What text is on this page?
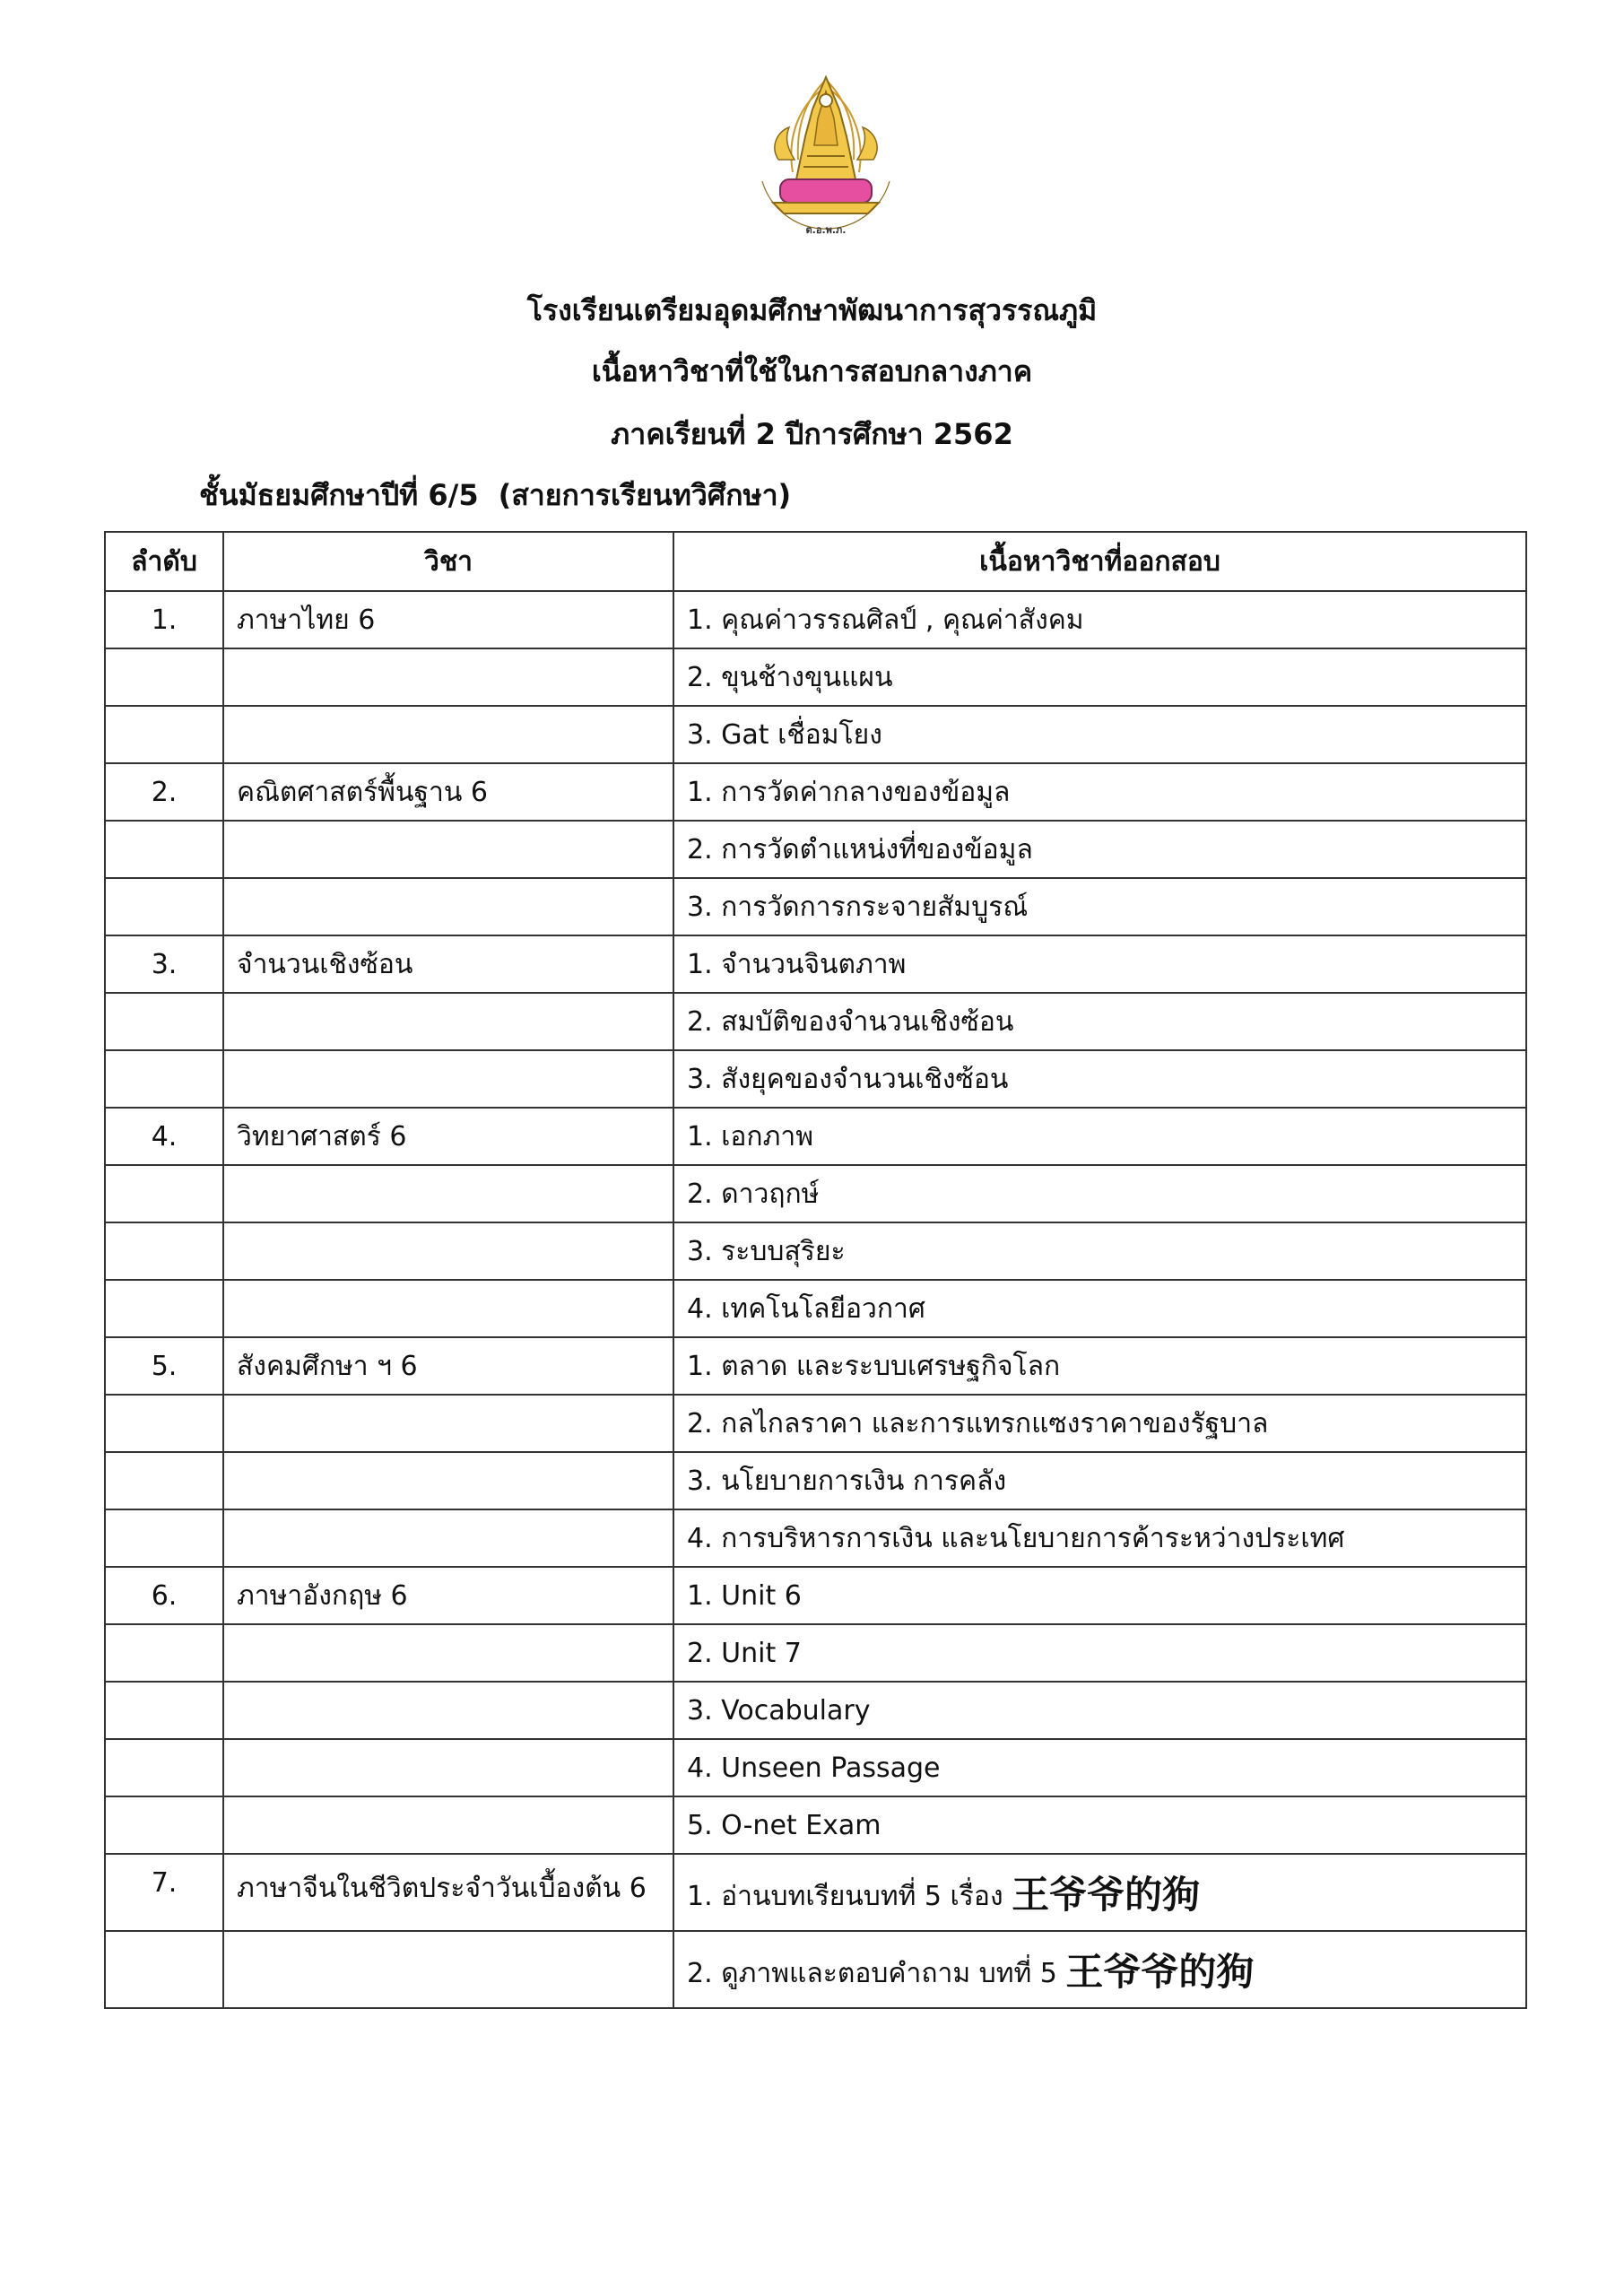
ต.อ.พ.ภ.
โรงเรียนเตรียมอุดมศึกษาพัฒนาการสุวรรณภูมิ
เนื้อหาวิชาที่ใช้ในการสอบกลางภาค
ภาคเรียนที่ 2 ปีการศึกษา 2562
ชั้นมัธยมศึกษาปีที่ 6/5 (สายการเรียนทวิศึกษา)
ลำดับ	วิชา	เนื้อหาวิชาที่ออกสอบ
1.	ภาษาไทย 6	1. คุณค่าวรรณศิลป์ , คุณค่าสังคม
		2. ขุนช้างขุนแผน
		3. Gat เชื่อมโยง
2.	คณิตศาสตร์พื้นฐาน 6	1. การวัดค่ากลางของข้อมูล
		2. การวัดตำแหน่งที่ของข้อมูล
		3. การวัดการกระจายสัมบูรณ์
3.	จำนวนเชิงซ้อน	1. จำนวนจินตภาพ
		2. สมบัติของจำนวนเชิงซ้อน
		3. สังยุคของจำนวนเชิงซ้อน
4.	วิทยาศาสตร์ 6	1. เอกภาพ
		2. ดาวฤกษ์
		3. ระบบสุริยะ
		4. เทคโนโลยีอวกาศ
5.	สังคมศึกษา ฯ 6	1. ตลาด และระบบเศรษฐกิจโลก
		2. กลไกลราคา และการแทรกแซงราคาของรัฐบาล
		3. นโยบายการเงิน การคลัง
		4. การบริหารการเงิน และนโยบายการค้าระหว่างประเทศ
6.	ภาษาอังกฤษ 6	1. Unit 6
		2. Unit 7
		3. Vocabulary
		4. Unseen Passage
		5. O-net Exam
7.	ภาษาจีนในชีวิตประจำวันเบื้องต้น 6	1. อ่านบทเรียนบทที่ 5 เรื่อง 王爷爷的狗
		2. ดูภาพและตอบคำถาม บทที่ 5 王爷爷的狗
